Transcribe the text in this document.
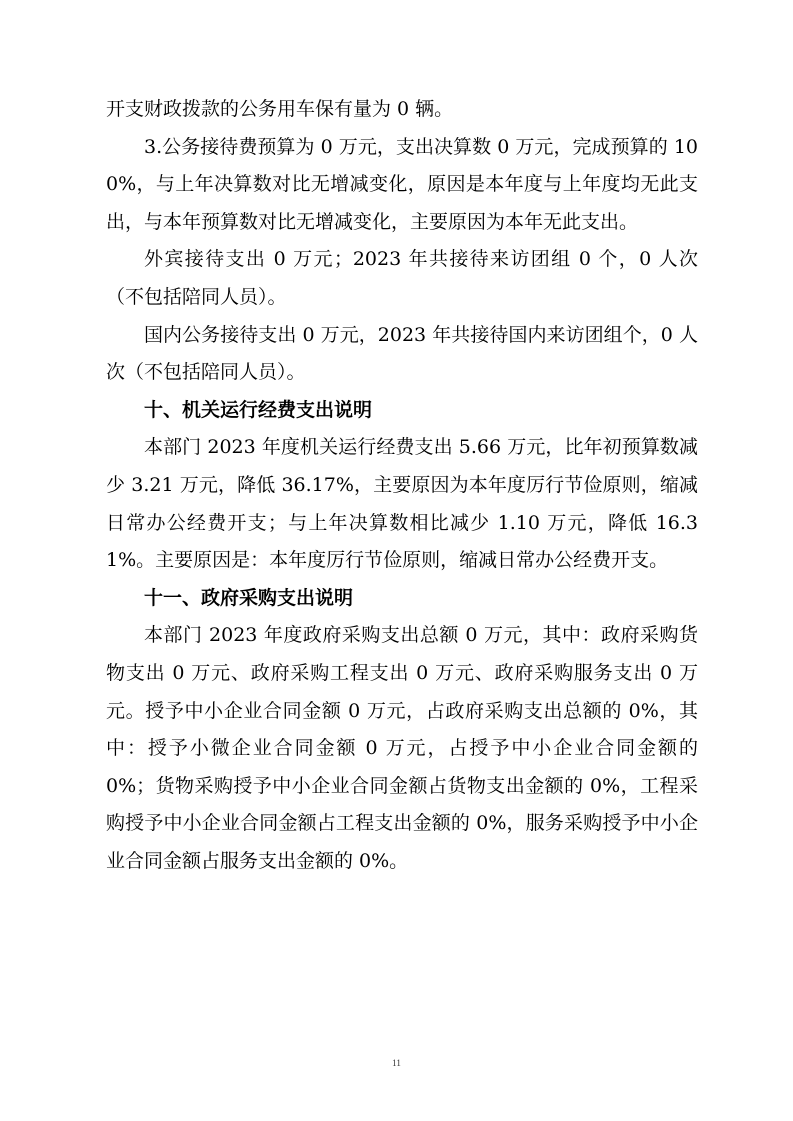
开支财政拨款的公务用车保有量为 0 辆。

3.公务接待费预算为 0 万元，支出决算数 0 万元，完成预算的 100%，与上年决算数对比无增减变化，原因是本年度与上年度均无此支出，与本年预算数对比无增减变化，主要原因为本年无此支出。

外宾接待支出 0 万元；2023 年共接待来访团组 0 个，0 人次（不包括陪同人员）。

国内公务接待支出 0 万元，2023 年共接待国内来访团组个，0 人次（不包括陪同人员）。

十、机关运行经费支出说明

本部门 2023 年度机关运行经费支出 5.66 万元，比年初预算数减少 3.21 万元，降低 36.17%，主要原因为本年度厉行节俭原则，缩减日常办公经费开支；与上年决算数相比减少 1.10 万元，降低 16.31%。主要原因是：本年度厉行节俭原则，缩减日常办公经费开支。

十一、政府采购支出说明

本部门 2023 年度政府采购支出总额 0 万元，其中：政府采购货物支出 0 万元、政府采购工程支出 0 万元、政府采购服务支出 0 万元。授予中小企业合同金额 0 万元，占政府采购支出总额的 0%，其中：授予小微企业合同金额 0 万元，占授予中小企业合同金额的 0%；货物采购授予中小企业合同金额占货物支出金额的 0%，工程采购授予中小企业合同金额占工程支出金额的 0%，服务采购授予中小企业合同金额占服务支出金额的 0%。

11
